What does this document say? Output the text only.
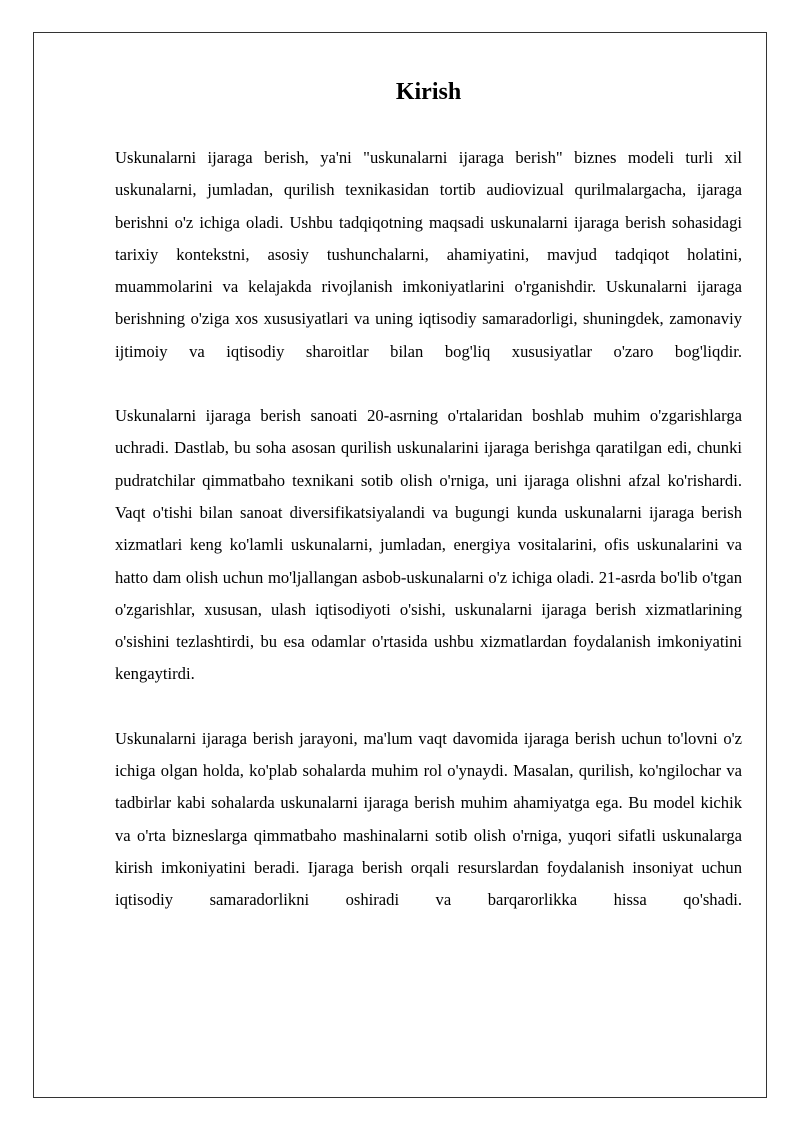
Kirish

Uskunalarni ijaraga berish, ya'ni "uskunalarni ijaraga berish" biznes modeli turli xil uskunalarni, jumladan, qurilish texnikasidan tortib audiovizual qurilmalargacha, ijaraga berishni o'z ichiga oladi. Ushbu tadqiqotning maqsadi uskunalarni ijaraga berish sohasidagi tarixiy kontekstni, asosiy tushunchalarni, ahamiyatini, mavjud tadqiqot holatini, muammolarini va kelajakda rivojlanish imkoniyatlarini o'rganishdir. Uskunalarni ijaraga berishning o'ziga xos xususiyatlari va uning iqtisodiy samaradorligi, shuningdek, zamonaviy ijtimoiy va iqtisodiy sharoitlar bilan bog'liq xususiyatlar o'zaro bog'liqdir.

Uskunalarni ijaraga berish sanoati 20-asrning o'rtalaridan boshlab muhim o'zgarishlarga uchradi. Dastlab, bu soha asosan qurilish uskunalarini ijaraga berishga qaratilgan edi, chunki pudratchilar qimmatbaho texnikani sotib olish o'rniga, uni ijaraga olishni afzal ko'rishardi. Vaqt o'tishi bilan sanoat diversifikatsiyalandi va bugungi kunda uskunalarni ijaraga berish xizmatlari keng ko'lamli uskunalarni, jumladan, energiya vositalarini, ofis uskunalarini va hatto dam olish uchun mo'ljallangan asbob-uskunalarni o'z ichiga oladi. 21-asrda bo'lib o'tgan o'zgarishlar, xususan, ulash iqtisodiyoti o'sishi, uskunalarni ijaraga berish xizmatlarining o'sishini tezlashtirdi, bu esa odamlar o'rtasida ushbu xizmatlardan foydalanish imkoniyatini kengaytirdi.

Uskunalarni ijaraga berish jarayoni, ma'lum vaqt davomida ijaraga berish uchun to'lovni o'z ichiga olgan holda, ko'plab sohalarda muhim rol o'ynaydi. Masalan, qurilish, ko'ngilochar va tadbirlar kabi sohalarda uskunalarni ijaraga berish muhim ahamiyatga ega. Bu model kichik va o'rta bizneslarga qimmatbaho mashinalarni sotib olish o'rniga, yuqori sifatli uskunalarga kirish imkoniyatini beradi. Ijaraga berish orqali resurslardan foydalanish insoniyat uchun iqtisodiy samaradorlikni oshiradi va barqarorlikka hissa qo'shadi.
